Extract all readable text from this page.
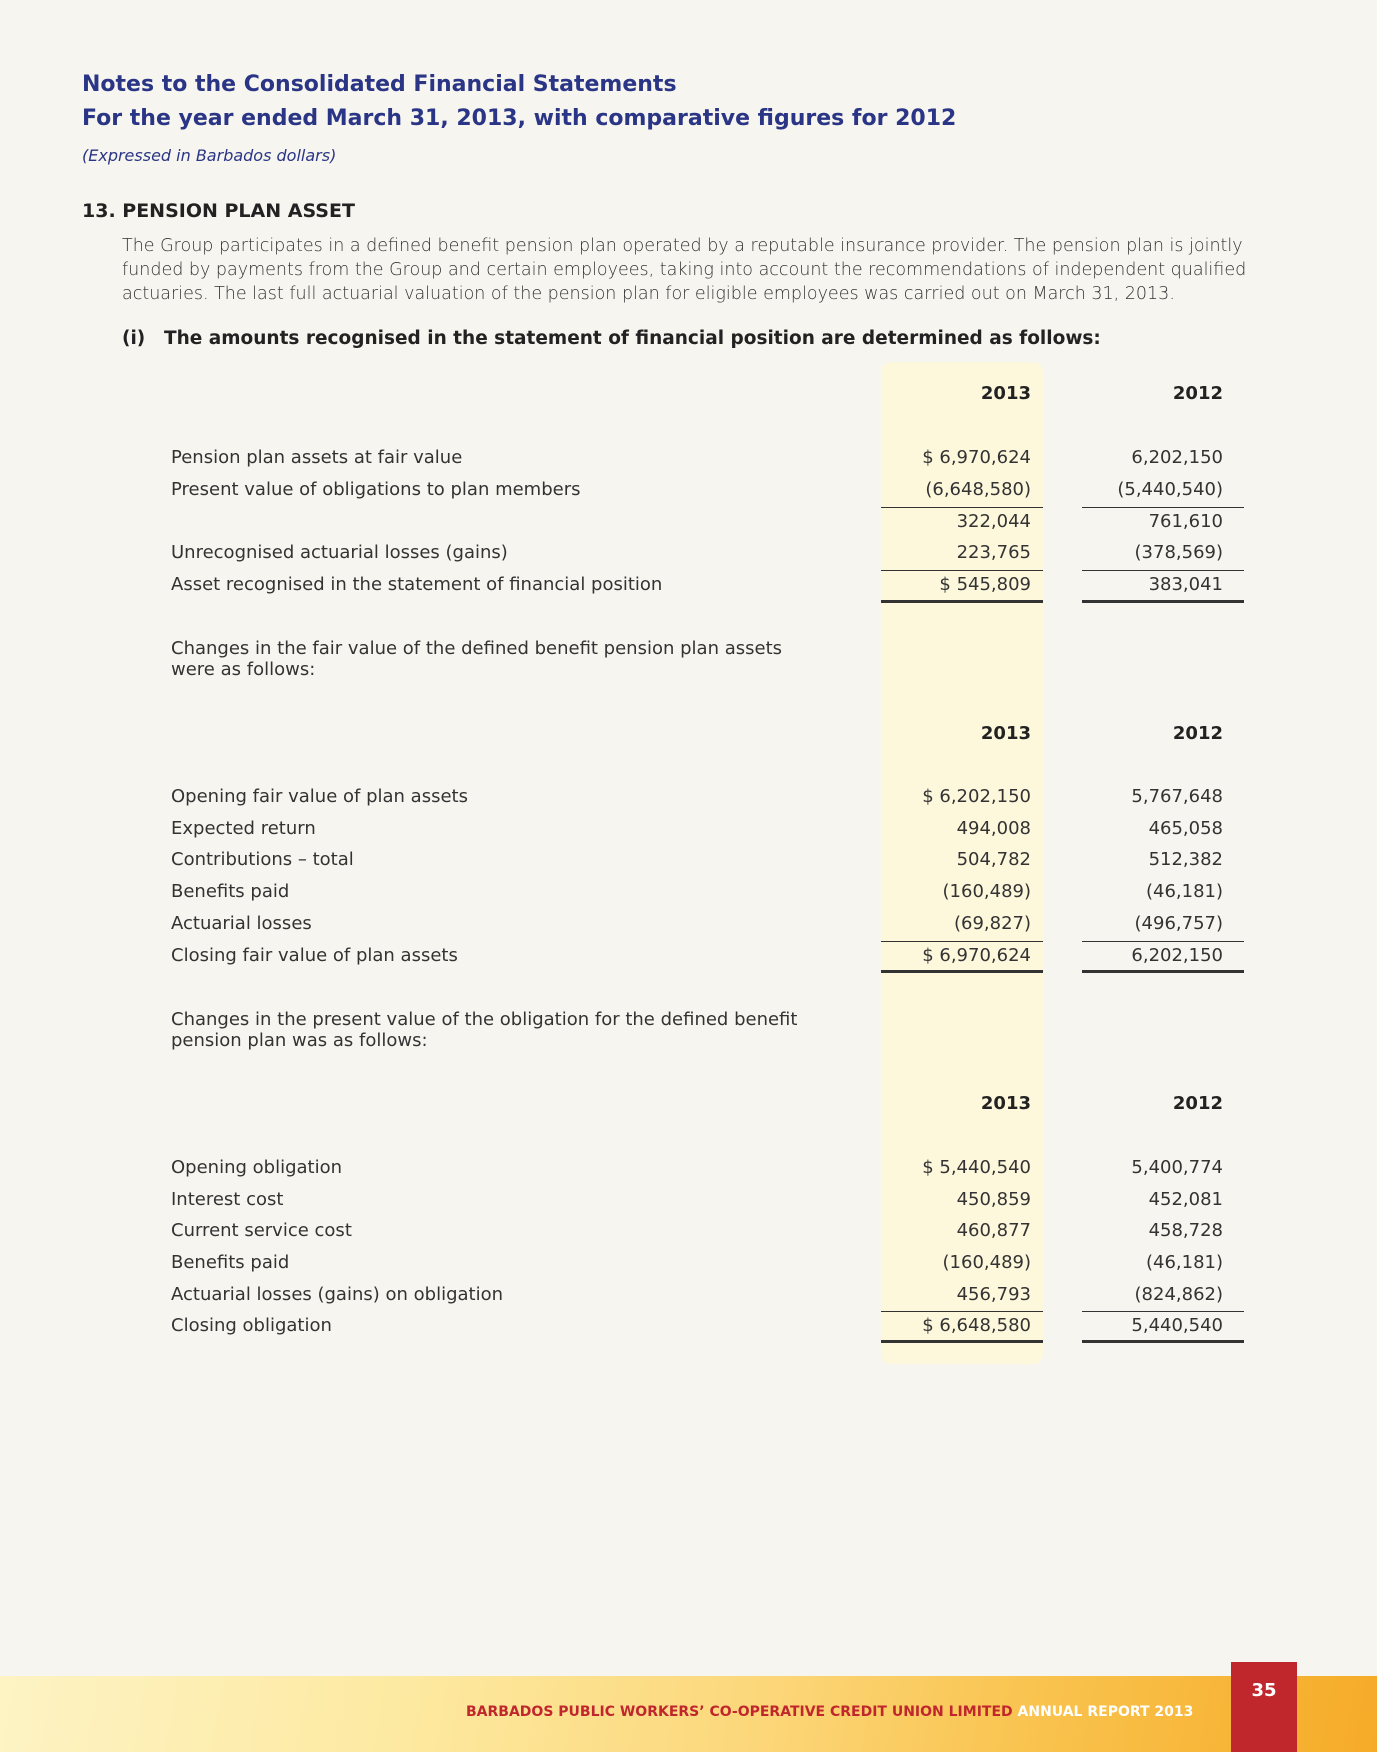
Notes to the Consolidated Financial Statements
For the year ended March 31, 2013, with comparative figures for 2012
(Expressed in Barbados dollars)
13. PENSION PLAN ASSET
The Group participates in a defined benefit pension plan operated by a reputable insurance provider. The pension plan is jointly funded by payments from the Group and certain employees, taking into account the recommendations of independent qualified actuaries. The last full actuarial valuation of the pension plan for eligible employees was carried out on March 31, 2013.
(i) The amounts recognised in the statement of financial position are determined as follows:
2013	2012
Pension plan assets at fair value	$ 6,970,624	6,202,150
Present value of obligations to plan members	(6,648,580)	(5,440,540)
322,044	761,610
Unrecognised actuarial losses (gains)	223,765	(378,569)
Asset recognised in the statement of financial position	$ 545,809	383,041
Changes in the fair value of the defined benefit pension plan assets
were as follows:
2013	2012
Opening fair value of plan assets	$ 6,202,150	5,767,648
Expected return	494,008	465,058
Contributions – total	504,782	512,382
Benefits paid	(160,489)	(46,181)
Actuarial losses	(69,827)	(496,757)
Closing fair value of plan assets	$ 6,970,624	6,202,150
Changes in the present value of the obligation for the defined benefit
pension plan was as follows:
2013	2012
Opening obligation	$ 5,440,540	5,400,774
Interest cost	450,859	452,081
Current service cost	460,877	458,728
Benefits paid	(160,489)	(46,181)
Actuarial losses (gains) on obligation	456,793	(824,862)
Closing obligation	$ 6,648,580	5,440,540
BARBADOS PUBLIC WORKERS’ CO-OPERATIVE CREDIT UNION LIMITED ANNUAL REPORT 2013
35
